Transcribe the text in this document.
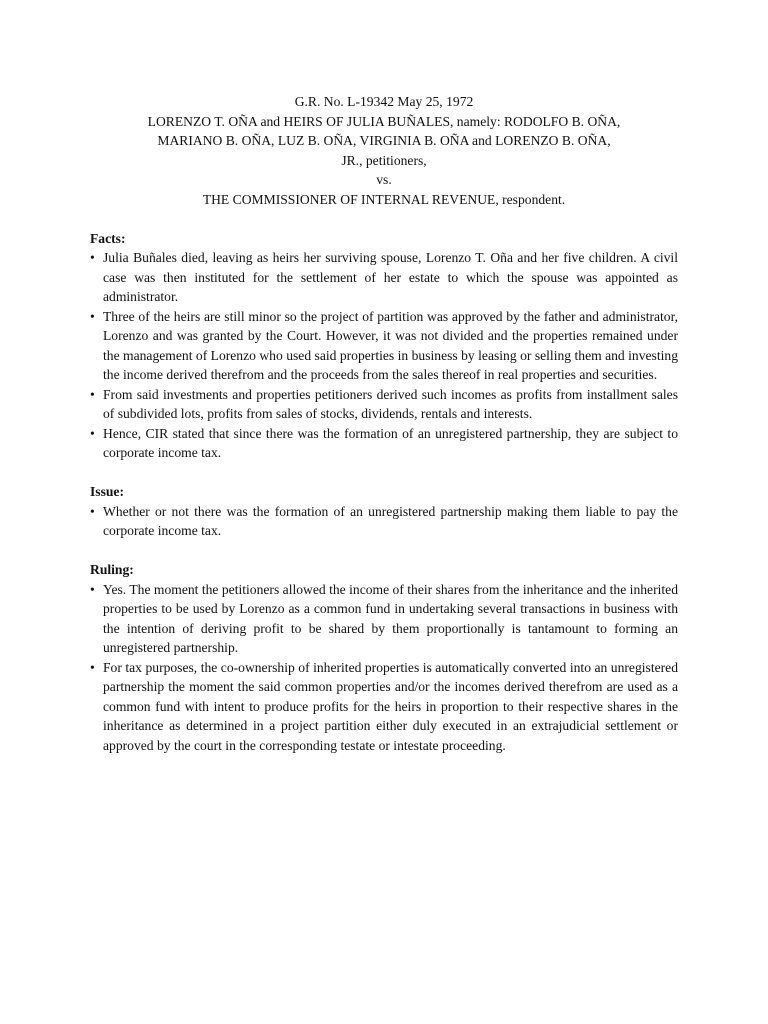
G.R. No. L-19342 May 25, 1972
LORENZO T. OÑA and HEIRS OF JULIA BUÑALES, namely: RODOLFO B. OÑA,
MARIANO B. OÑA, LUZ B. OÑA, VIRGINIA B. OÑA and LORENZO B. OÑA,
JR., petitioners,
vs.
THE COMMISSIONER OF INTERNAL REVENUE, respondent.
Facts:
• Julia Buñales died, leaving as heirs her surviving spouse, Lorenzo T. Oña and her five children. A civil case was then instituted for the settlement of her estate to which the spouse was appointed as administrator.
• Three of the heirs are still minor so the project of partition was approved by the father and administrator, Lorenzo and was granted by the Court. However, it was not divided and the properties remained under the management of Lorenzo who used said properties in business by leasing or selling them and investing the income derived therefrom and the proceeds from the sales thereof in real properties and securities.
• From said investments and properties petitioners derived such incomes as profits from installment sales of subdivided lots, profits from sales of stocks, dividends, rentals and interests.
• Hence, CIR stated that since there was the formation of an unregistered partnership, they are subject to corporate income tax.
Issue:
• Whether or not there was the formation of an unregistered partnership making them liable to pay the corporate income tax.
Ruling:
• Yes. The moment the petitioners allowed the income of their shares from the inheritance and the inherited properties to be used by Lorenzo as a common fund in undertaking several transactions in business with the intention of deriving profit to be shared by them proportionally is tantamount to forming an unregistered partnership.
• For tax purposes, the co-ownership of inherited properties is automatically converted into an unregistered partnership the moment the said common properties and/or the incomes derived therefrom are used as a common fund with intent to produce profits for the heirs in proportion to their respective shares in the inheritance as determined in a project partition either duly executed in an extrajudicial settlement or approved by the court in the corresponding testate or intestate proceeding.
